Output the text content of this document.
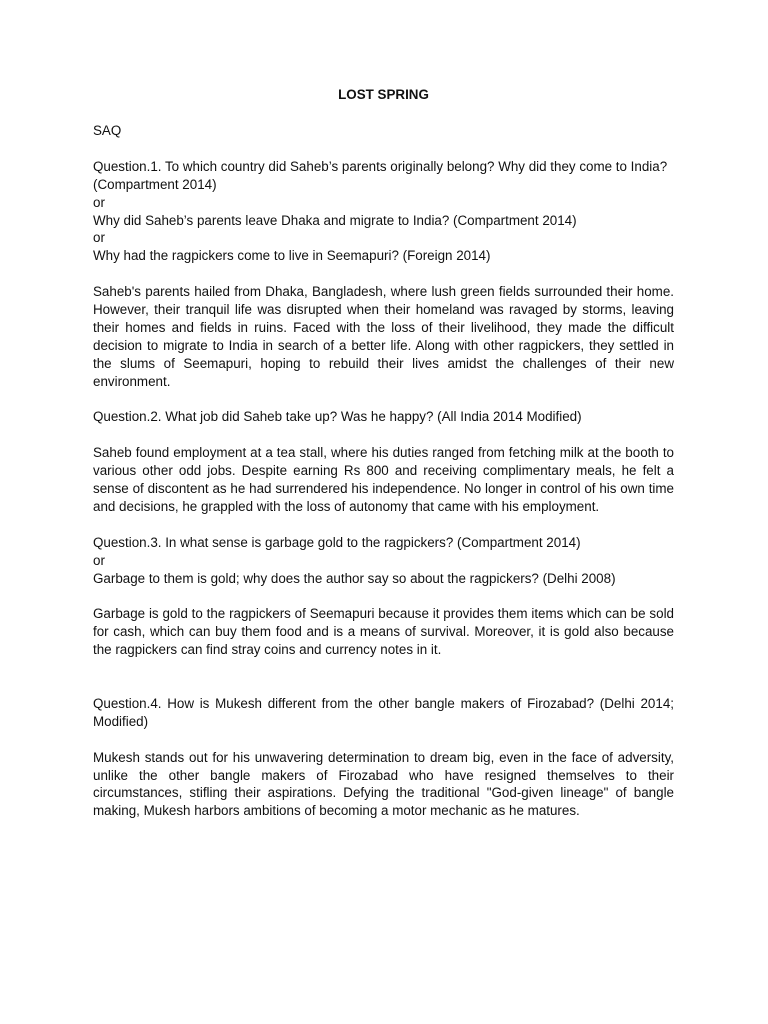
LOST SPRING

SAQ

Question.1. To which country did Saheb’s parents originally belong? Why did they come to India? (Compartment 2014)

or

Why did Saheb’s parents leave Dhaka and migrate to India? (Compartment 2014)

or

Why had the ragpickers come to live in Seemapuri? (Foreign 2014)

Saheb's parents hailed from Dhaka, Bangladesh, where lush green fields surrounded their home. However, their tranquil life was disrupted when their homeland was ravaged by storms, leaving their homes and fields in ruins. Faced with the loss of their livelihood, they made the difficult decision to migrate to India in search of a better life. Along with other ragpickers, they settled in the slums of Seemapuri, hoping to rebuild their lives amidst the challenges of their new environment.

Question.2. What job did Saheb take up? Was he happy? (All India 2014 Modified)

Saheb found employment at a tea stall, where his duties ranged from fetching milk at the booth to various other odd jobs. Despite earning Rs 800 and receiving complimentary meals, he felt a sense of discontent as he had surrendered his independence. No longer in control of his own time and decisions, he grappled with the loss of autonomy that came with his employment.

Question.3. In what sense is garbage gold to the ragpickers? (Compartment 2014)

or

Garbage to them is gold; why does the author say so about the ragpickers? (Delhi 2008)

Garbage is gold to the ragpickers of Seemapuri because it provides them items which can be sold for cash, which can buy them food and is a means of survival. Moreover, it is gold also because the ragpickers can find stray coins and currency notes in it.

Question.4. How is Mukesh different from the other bangle makers of Firozabad? (Delhi 2014; Modified)

Mukesh stands out for his unwavering determination to dream big, even in the face of adversity, unlike the other bangle makers of Firozabad who have resigned themselves to their circumstances, stifling their aspirations. Defying the traditional "God-given lineage" of bangle making, Mukesh harbors ambitions of becoming a motor mechanic as he matures.
